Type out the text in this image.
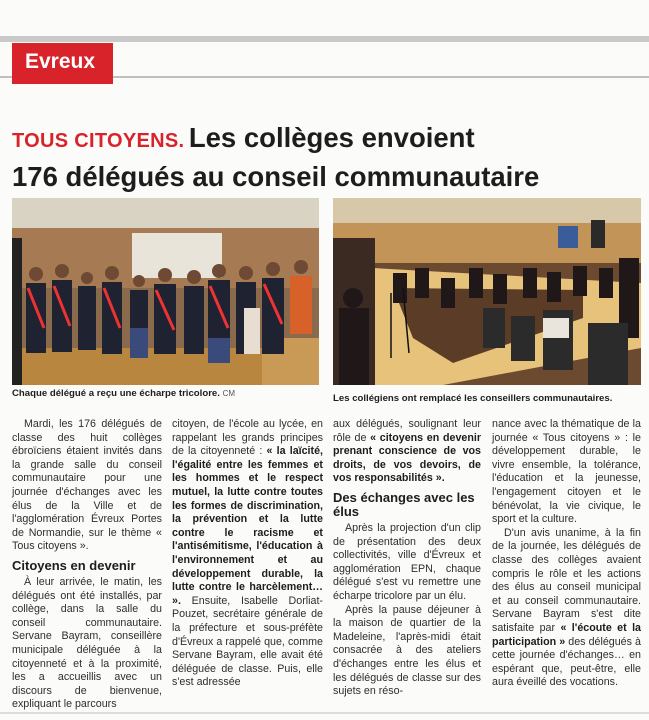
Evreux
TOUS CITOYENS. Les collèges envoient
176 délégués au conseil communautaire
Chaque délégué a reçu une écharpe tricolore. CM	Les collégiens ont remplacé les conseillers communautaires.

Mardi, les 176 délégués de classe des huit collèges ébroïciens étaient invités dans la grande salle du conseil communautaire pour une journée d'échanges avec les élus de la Ville et de l'agglomération Évreux Portes de Normandie, sur le thème « Tous citoyens ».

Citoyens en devenir

À leur arrivée, le matin, les délégués ont été installés, par collège, dans la salle du conseil communautaire. Servane Bayram, conseillère municipale déléguée à la citoyenneté et à la proximité, les a accueillis avec un discours de bienvenue, expliquant le parcours

citoyen, de l'école au lycée, en rappelant les grands principes de la citoyenneté : « la laïcité, l'égalité entre les femmes et les hommes et le respect mutuel, la lutte contre toutes les formes de discrimination, la prévention et la lutte contre le racisme et l'antisémitisme, l'éducation à l'environnement et au développement durable, la lutte contre le harcèlement… ». Ensuite, Isabelle Dorliat-Pouzet, secrétaire générale de la préfecture et sous-préfète d'Évreux a rappelé que, comme Servane Bayram, elle avait été déléguée de classe. Puis, elle s'est adressée

aux délégués, soulignant leur rôle de « citoyens en devenir prenant conscience de vos droits, de vos devoirs, de vos responsabilités ».

Des échanges avec les élus

Après la projection d'un clip de présentation des deux collectivités, ville d'Évreux et agglomération EPN, chaque délégué s'est vu remettre une écharpe tricolore par un élu.

Après la pause déjeuner à la maison de quartier de la Madeleine, l'après-midi était consacrée à des ateliers d'échanges entre les élus et les délégués de classe sur des sujets en réso-

nance avec la thématique de la journée « Tous citoyens » : le développement durable, le vivre ensemble, la tolérance, l'éducation et la jeunesse, l'engagement citoyen et le bénévolat, la vie civique, le sport et la culture.

D'un avis unanime, à la fin de la journée, les délégués de classe des collèges avaient compris le rôle et les actions des élus au conseil municipal et au conseil communautaire. Servane Bayram s'est dite satisfaite par « l'écoute et la participation » des délégués à cette journée d'échanges… en espérant que, peut-être, elle aura éveillé des vocations.
